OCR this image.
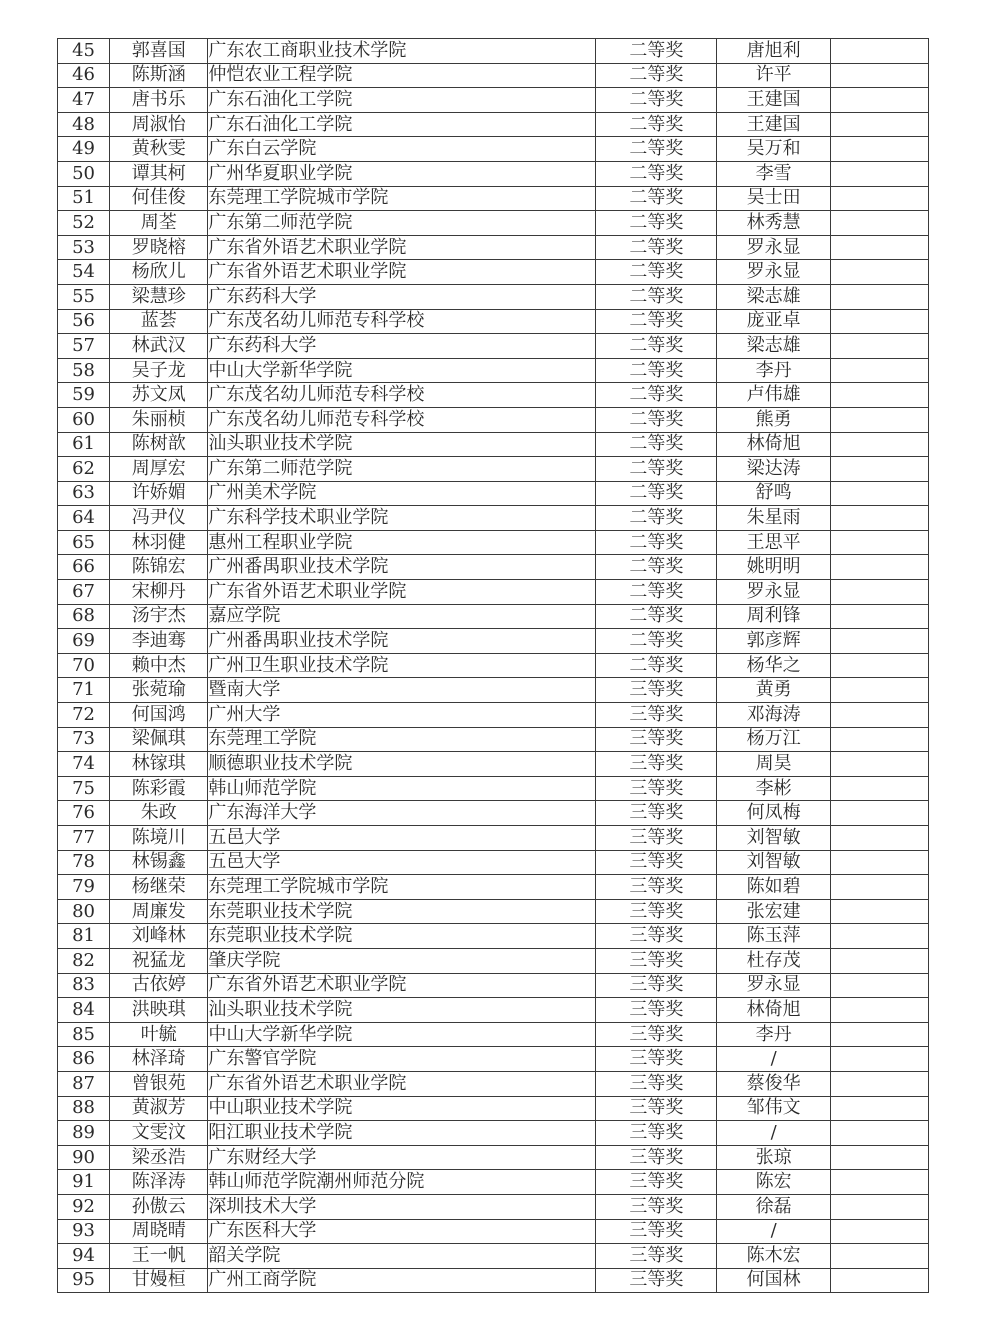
45	郭喜国	广东农工商职业技术学院	二等奖	唐旭利	
46	陈斯涵	仲恺农业工程学院	二等奖	许平	
47	唐书乐	广东石油化工学院	二等奖	王建国	
48	周淑怡	广东石油化工学院	二等奖	王建国	
49	黄秋雯	广东白云学院	二等奖	吴万和	
50	谭其柯	广州华夏职业学院	二等奖	李雪	
51	何佳俊	东莞理工学院城市学院	二等奖	吴士田	
52	周荃	广东第二师范学院	二等奖	林秀慧	
53	罗晓榕	广东省外语艺术职业学院	二等奖	罗永显	
54	杨欣儿	广东省外语艺术职业学院	二等奖	罗永显	
55	梁慧珍	广东药科大学	二等奖	梁志雄	
56	蓝荟	广东茂名幼儿师范专科学校	二等奖	庞亚卓	
57	林武汉	广东药科大学	二等奖	梁志雄	
58	吴子龙	中山大学新华学院	二等奖	李丹	
59	苏文凤	广东茂名幼儿师范专科学校	二等奖	卢伟雄	
60	朱丽桢	广东茂名幼儿师范专科学校	二等奖	熊勇	
61	陈树歆	汕头职业技术学院	二等奖	林倚旭	
62	周厚宏	广东第二师范学院	二等奖	梁达涛	
63	许娇媚	广州美术学院	二等奖	舒鸣	
64	冯尹仪	广东科学技术职业学院	二等奖	朱星雨	
65	林羽健	惠州工程职业学院	二等奖	王思平	
66	陈锦宏	广州番禺职业技术学院	二等奖	姚明明	
67	宋柳丹	广东省外语艺术职业学院	二等奖	罗永显	
68	汤宇杰	嘉应学院	二等奖	周利锋	
69	李迪骞	广州番禺职业技术学院	二等奖	郭彦辉	
70	赖中杰	广州卫生职业技术学院	二等奖	杨华之	
71	张菀瑜	暨南大学	三等奖	黄勇	
72	何国鸿	广州大学	三等奖	邓海涛	
73	梁佩琪	东莞理工学院	三等奖	杨万江	
74	林镓琪	顺德职业技术学院	三等奖	周昊	
75	陈彩霞	韩山师范学院	三等奖	李彬	
76	朱政	广东海洋大学	三等奖	何凤梅	
77	陈境川	五邑大学	三等奖	刘智敏	
78	林锡鑫	五邑大学	三等奖	刘智敏	
79	杨继荣	东莞理工学院城市学院	三等奖	陈如碧	
80	周廉发	东莞职业技术学院	三等奖	张宏建	
81	刘峰林	东莞职业技术学院	三等奖	陈玉萍	
82	祝猛龙	肇庆学院	三等奖	杜存茂	
83	古依婷	广东省外语艺术职业学院	三等奖	罗永显	
84	洪映琪	汕头职业技术学院	三等奖	林倚旭	
85	叶毓	中山大学新华学院	三等奖	李丹	
86	林泽琦	广东警官学院	三等奖	/	
87	曾银苑	广东省外语艺术职业学院	三等奖	蔡俊华	
88	黄淑芳	中山职业技术学院	三等奖	邹伟文	
89	文雯汶	阳江职业技术学院	三等奖	/	
90	梁丞浩	广东财经大学	三等奖	张琼	
91	陈泽涛	韩山师范学院潮州师范分院	三等奖	陈宏	
92	孙傲云	深圳技术大学	三等奖	徐磊	
93	周晓晴	广东医科大学	三等奖	/	
94	王一帆	韶关学院	三等奖	陈木宏	
95	甘嫚桓	广州工商学院	三等奖	何国林	
